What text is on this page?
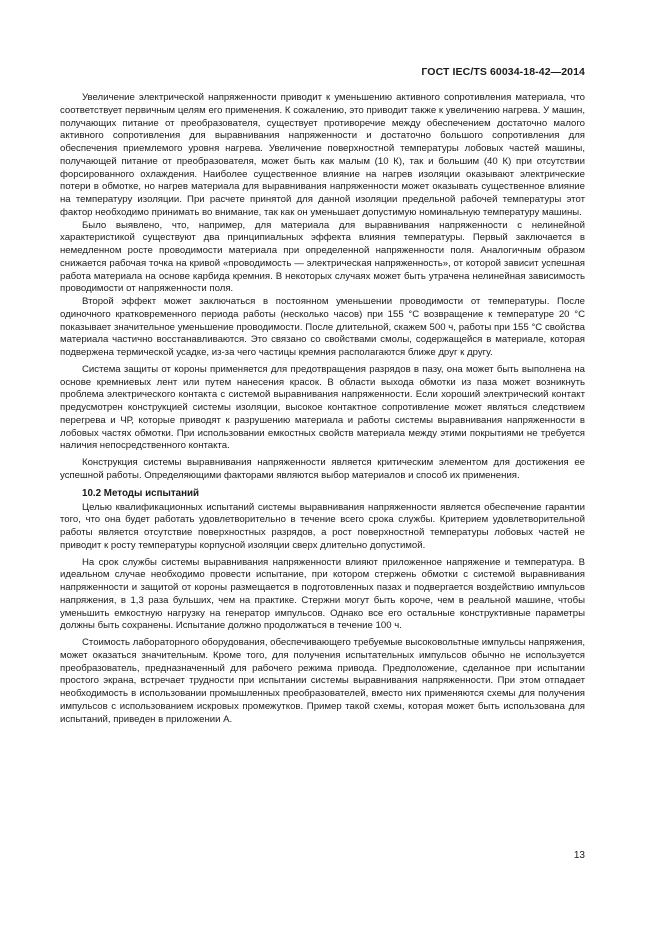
ГОСТ IEC/TS 60034-18-42—2014

Увеличение электрической напряженности приводит к уменьшению активного сопротивления материала, что соответствует первичным целям его применения. К сожалению, это приводит также к увеличению нагрева. У машин, получающих питание от преобразователя, существует противоречие между обеспечением достаточно малого активного сопротивления для выравнивания напряженности и достаточно большого сопротивления для обеспечения приемлемого уровня нагрева. Увеличение поверхностной температуры лобовых частей машины, получающей питание от преобразователя, может быть как малым (10 К), так и большим (40 К) при отсутствии форсированного охлаждения. Наиболее существенное влияние на нагрев изоляции оказывают электрические потери в обмотке, но нагрев материала для выравнивания напряженности может оказывать существенное влияние на температуру изоляции. При расчете принятой для данной изоляции предельной рабочей температуры этот фактор необходимо принимать во внимание, так как он уменьшает допустимую номинальную температуру машины.

Было выявлено, что, например, для материала для выравнивания напряженности с нелинейной характеристикой существуют два принципиальных эффекта влияния температуры. Первый заключается в немедленном росте проводимости материала при определенной напряженности поля. Аналогичным образом снижается рабочая точка на кривой «проводимость — электрическая напряженность», от которой зависит успешная работа материала на основе карбида кремния. В некоторых случаях может быть утрачена нелинейная зависимость проводимости от напряженности поля.

Второй эффект может заключаться в постоянном уменьшении проводимости от температуры. После одиночного кратковременного периода работы (несколько часов) при 155 °С возвращение к температуре 20 °С показывает значительное уменьшение проводимости. После длительной, скажем 500 ч, работы при 155 °С свойства материала частично восстанавливаются. Это связано со свойствами смолы, содержащейся в материале, которая подвержена термической усадке, из-за чего частицы кремния располагаются ближе друг к другу.

Система защиты от короны применяется для предотвращения разрядов в пазу, она может быть выполнена на основе кремниевых лент или путем нанесения красок. В области выхода обмотки из паза может возникнуть проблема электрического контакта с системой выравнивания напряженности. Если хороший электрический контакт предусмотрен конструкцией системы изоляции, высокое контактное сопротивление может являться следствием перегрева и ЧР, которые приводят к разрушению материала и работы системы выравнивания напряженности в лобовых частях обмотки. При использовании емкостных свойств материала между этими покрытиями не требуется наличия непосредственного контакта.

Конструкция системы выравнивания напряженности является критическим элементом для достижения ее успешной работы. Определяющими факторами являются выбор материалов и способ их применения.

10.2 Методы испытаний

Целью квалификационных испытаний системы выравнивания напряженности является обеспечение гарантии того, что она будет работать удовлетворительно в течение всего срока службы. Критерием удовлетворительной работы является отсутствие поверхностных разрядов, а рост поверхностной температуры лобовых частей не приводит к росту температуры корпусной изоляции сверх длительно допустимой.

На срок службы системы выравнивания напряженности влияют приложенное напряжение и температура. В идеальном случае необходимо провести испытание, при котором стержень обмотки с системой выравнивания напряженности и защитой от короны размещается в подготовленных пазах и подвергается воздействию импульсов напряжения, в 1,3 раза бульших, чем на практике. Стержни могут быть короче, чем в реальной машине, чтобы уменьшить емкостную нагрузку на генератор импульсов. Однако все его остальные конструктивные параметры должны быть сохранены. Испытание должно продолжаться в течение 100 ч.

Стоимость лабораторного оборудования, обеспечивающего требуемые высоковольтные импульсы напряжения, может оказаться значительным. Кроме того, для получения испытательных импульсов обычно не используется преобразователь, предназначенный для рабочего режима привода. Предположение, сделанное при испытании простого экрана, встречает трудности при испытании системы выравнивания напряженности. При этом отпадает необходимость в использовании промышленных преобразователей, вместо них применяются схемы для получения импульсов с использованием искровых промежутков. Пример такой схемы, которая может быть использована для испытаний, приведен в приложении А.

13
